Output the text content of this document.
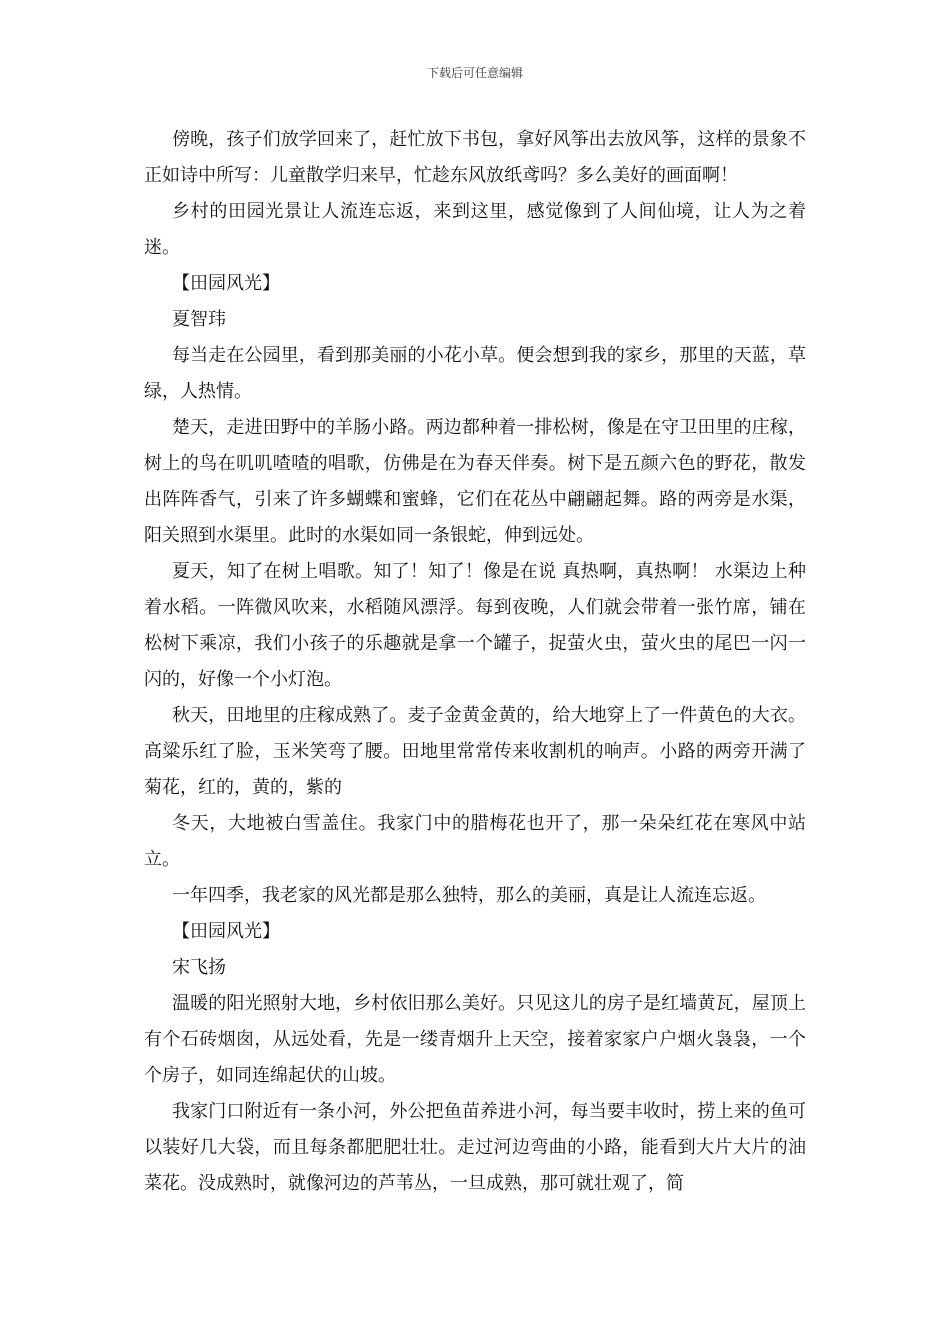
下载后可任意编辑

傍晚，孩子们放学回来了，赶忙放下书包，拿好风筝出去放风筝，这样的景象不正如诗中所写：儿童散学归来早，忙趁东风放纸鸢吗？多么美好的画面啊！

乡村的田园光景让人流连忘返，来到这里，感觉像到了人间仙境，让人为之着迷。

【田园风光】

夏智玮

每当走在公园里，看到那美丽的小花小草。便会想到我的家乡，那里的天蓝，草绿，人热情。

楚天，走进田野中的羊肠小路。两边都种着一排松树，像是在守卫田里的庄稼，树上的鸟在叽叽喳喳的唱歌，仿佛是在为春天伴奏。树下是五颜六色的野花，散发出阵阵香气，引来了许多蝴蝶和蜜蜂，它们在花丛中翩翩起舞。路的两旁是水渠，阳关照到水渠里。此时的水渠如同一条银蛇，伸到远处。

夏天，知了在树上唱歌。知了！知了！像是在说 真热啊，真热啊！ 水渠边上种着水稻。一阵微风吹来，水稻随风漂浮。每到夜晚，人们就会带着一张竹席，铺在松树下乘凉，我们小孩子的乐趣就是拿一个罐子，捉萤火虫，萤火虫的尾巴一闪一闪的，好像一个小灯泡。

秋天，田地里的庄稼成熟了。麦子金黄金黄的，给大地穿上了一件黄色的大衣。高粱乐红了脸，玉米笑弯了腰。田地里常常传来收割机的响声。小路的两旁开满了菊花，红的，黄的，紫的

冬天，大地被白雪盖住。我家门中的腊梅花也开了，那一朵朵红花在寒风中站立。

一年四季，我老家的风光都是那么独特，那么的美丽，真是让人流连忘返。

【田园风光】

宋飞扬

温暖的阳光照射大地，乡村依旧那么美好。只见这儿的房子是红墙黄瓦，屋顶上有个石砖烟囱，从远处看，先是一缕青烟升上天空，接着家家户户烟火袅袅，一个个房子，如同连绵起伏的山坡。

我家门口附近有一条小河，外公把鱼苗养进小河，每当要丰收时，捞上来的鱼可以装好几大袋，而且每条都肥肥壮壮。走过河边弯曲的小路，能看到大片大片的油菜花。没成熟时，就像河边的芦苇丛，一旦成熟，那可就壮观了，简
